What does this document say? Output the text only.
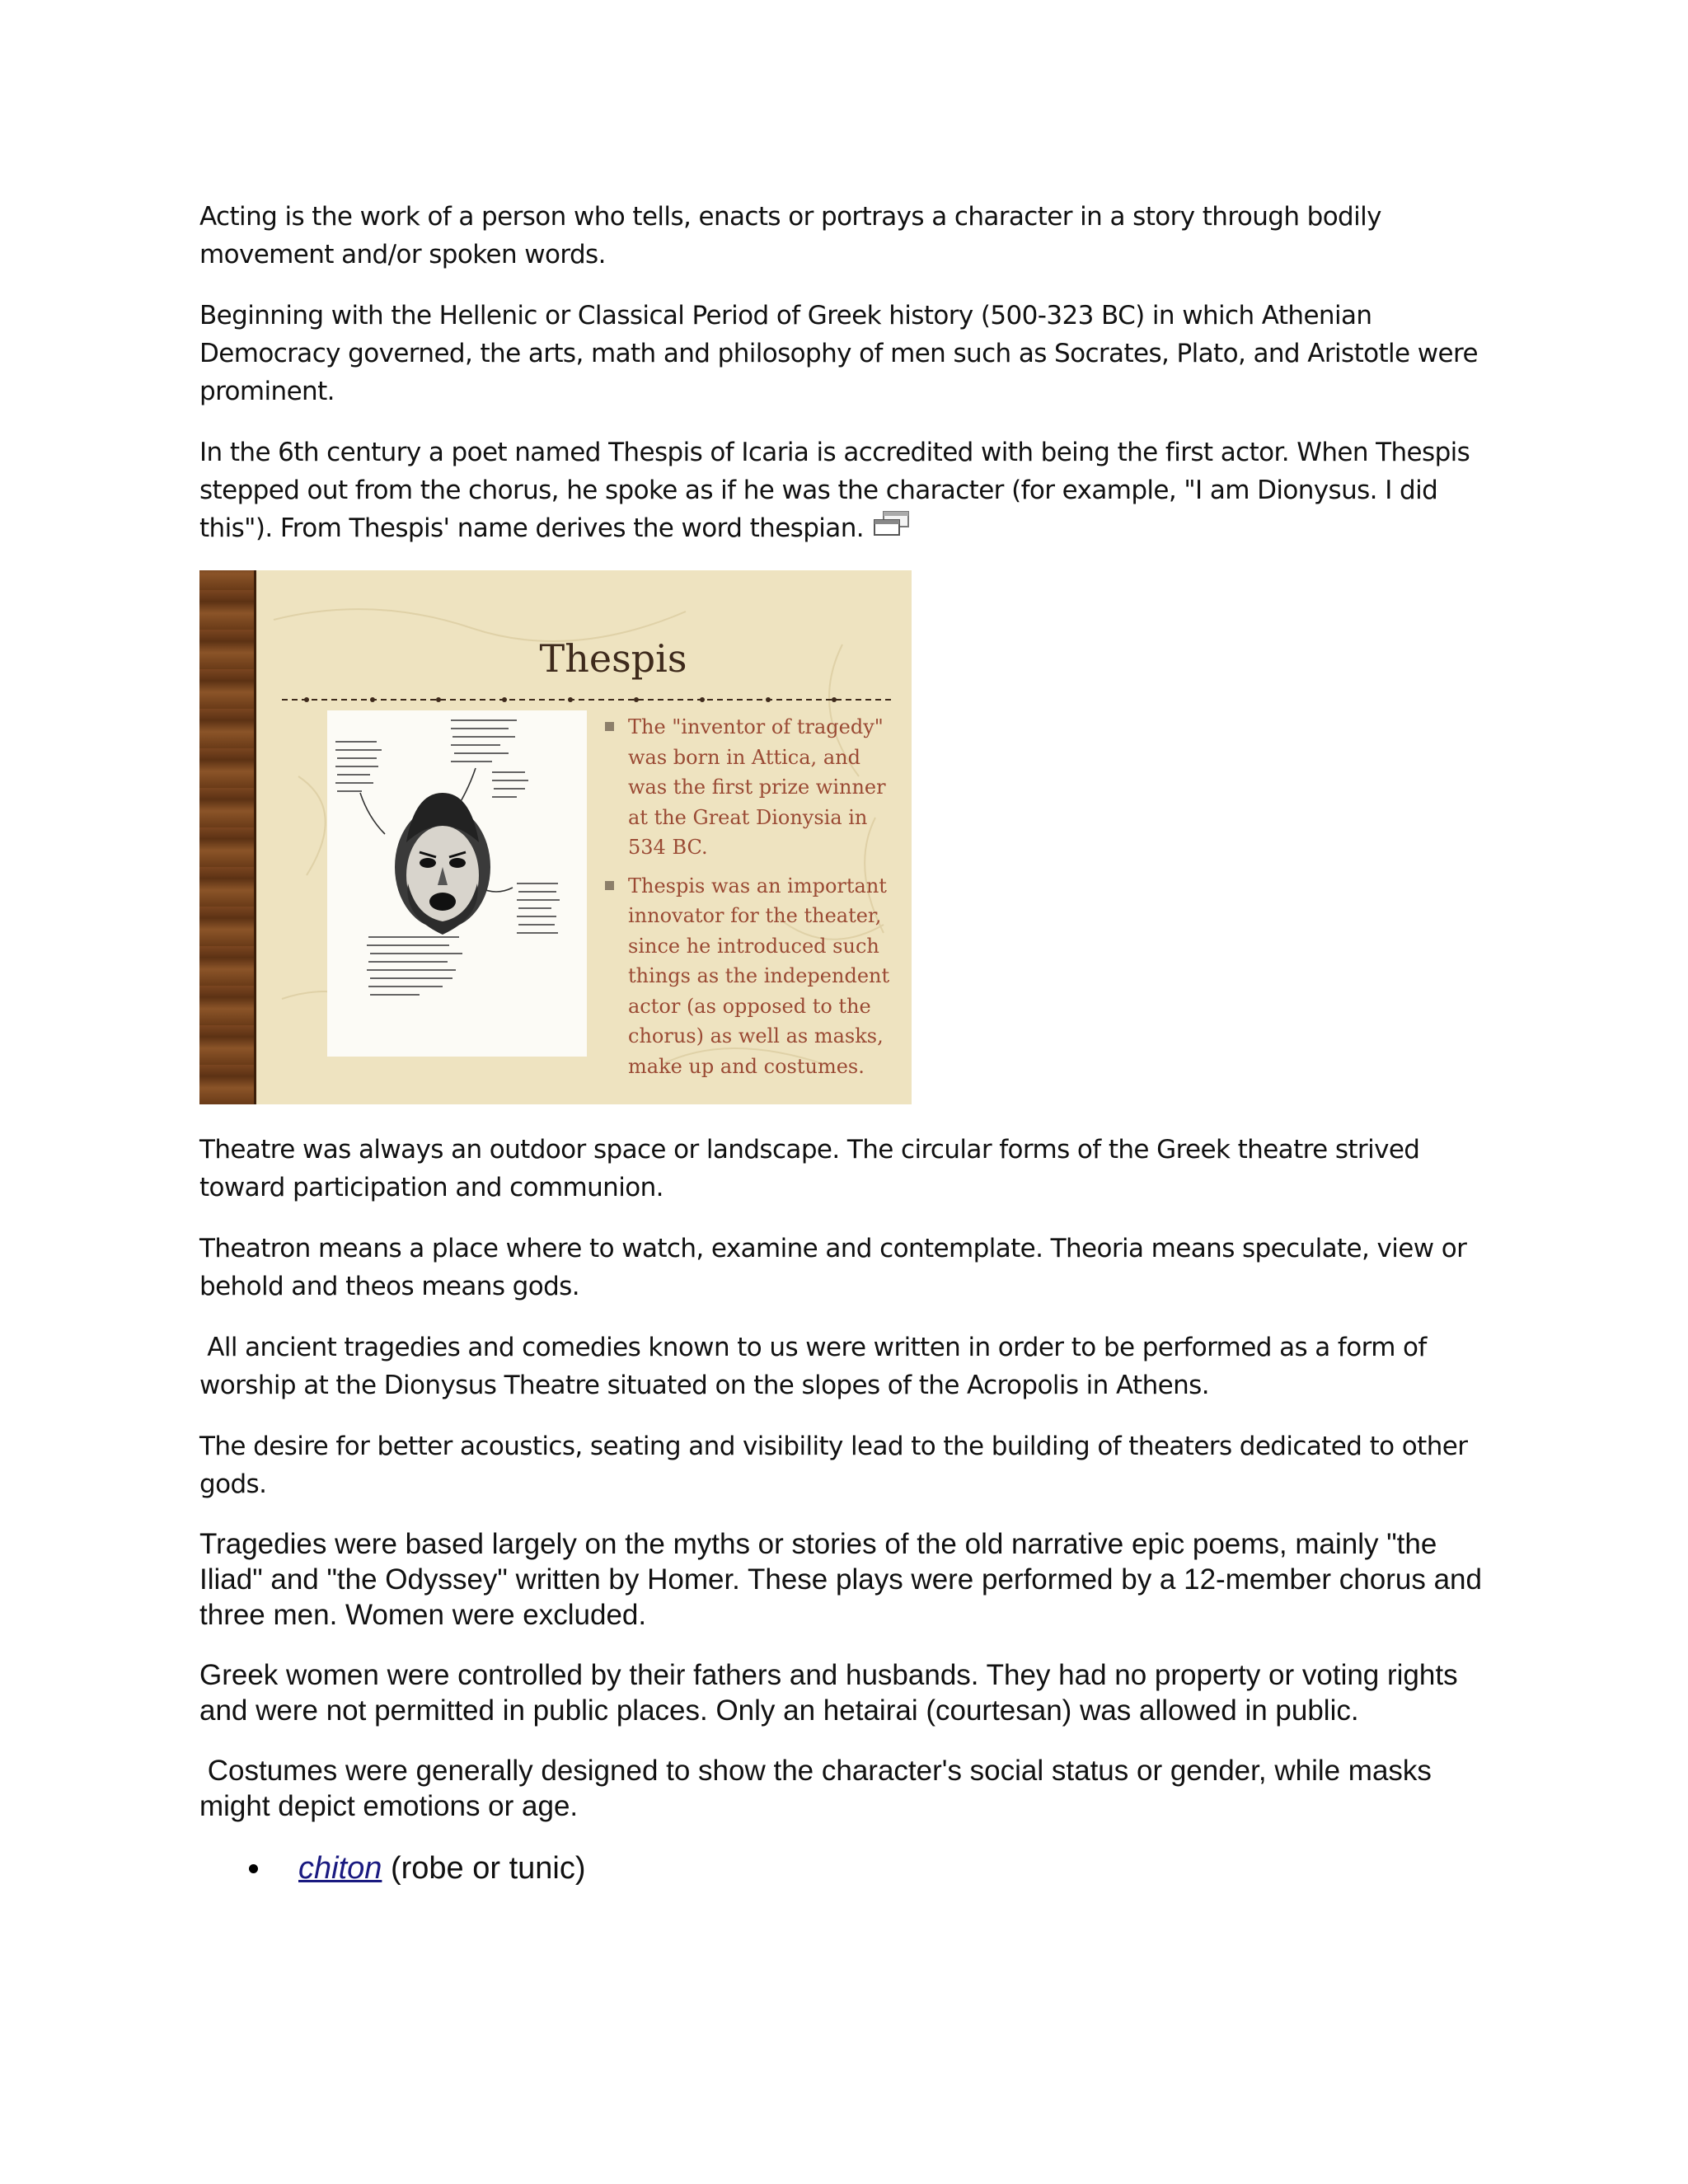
Acting is the work of a person who tells, enacts or portrays a character in a story through bodily movement and/or spoken words.

Beginning with the Hellenic or Classical Period of Greek history (500-323 BC) in which Athenian Democracy governed, the arts, math and philosophy of men such as Socrates, Plato, and Aristotle were prominent.

In the 6th century a poet named Thespis of Icaria is accredited with being the first actor. When Thespis stepped out from the chorus, he spoke as if he was the character (for example, "I am Dionysus. I did this"). From Thespis' name derives the word thespian.

Thespis
The "inventor of tragedy" was born in Attica, and was the first prize winner at the Great Dionysia in 534 BC.
Thespis was an important innovator for the theater, since he introduced such things as the independent actor (as opposed to the chorus) as well as masks, make up and costumes.

Theatre was always an outdoor space or landscape. The circular forms of the Greek theatre strived toward participation and communion.

Theatron means a place where to watch, examine and contemplate. Theoria means speculate, view or behold and theos means gods.

All ancient tragedies and comedies known to us were written in order to be performed as a form of worship at the Dionysus Theatre situated on the slopes of the Acropolis in Athens.

The desire for better acoustics, seating and visibility lead to the building of theaters dedicated to other gods.

Tragedies were based largely on the myths or stories of the old narrative epic poems, mainly "the Iliad" and "the Odyssey" written by Homer. These plays were performed by a 12-member chorus and three men. Women were excluded.

Greek women were controlled by their fathers and husbands. They had no property or voting rights and were not permitted in public places. Only an hetairai (courtesan) was allowed in public.

Costumes were generally designed to show the character's social status or gender, while masks might depict emotions or age.

chiton (robe or tunic)
